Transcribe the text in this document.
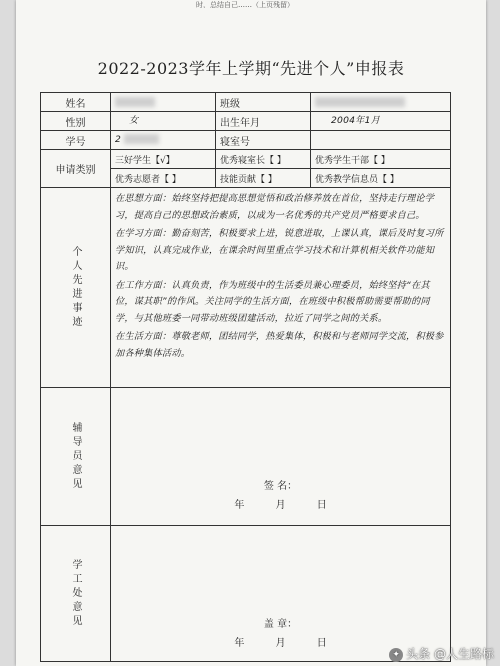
时，总结自己……（上页残留）
2022-2023学年上学期“先进个人”申报表
姓名		班级	
性别	女	出生年月	2004年1月
学号	2	寝室号	
申请类别	三好学生【√】	优秀寝室长【 】	优秀学生干部【 】
	优秀志愿者【 】	技能贡献【 】	优秀教学信息员【 】

个人先进事迹	在思想方面：始终坚持把提高思想觉悟和政治修养放在首位，坚持走行理论学习，提高自己的思想政治素质，以成为一名优秀的共产党员严格要求自己。

在学习方面：勤奋刻苦，积极要求上进，锐意进取，上课认真，课后及时复习所学知识，认真完成作业，在课余时间里重点学习技术和计算机相关软件功能知识。

在工作方面：认真负责，作为班级中的生活委员兼心理委员，始终坚持“在其位，谋其职”的作风。关注同学的生活方面，在班级中积极帮助需要帮助的同学，与其他班委一同带动班级团建活动，拉近了同学之间的关系。

在生活方面：尊敬老师，团结同学，热爱集体，积极和与老师同学交流，积极参加各种集体活动。		

辅导员意见	签 名：
年 月 日		

学工处意见	盖 章：
年 月 日		
✦ 头条 @人生路标
